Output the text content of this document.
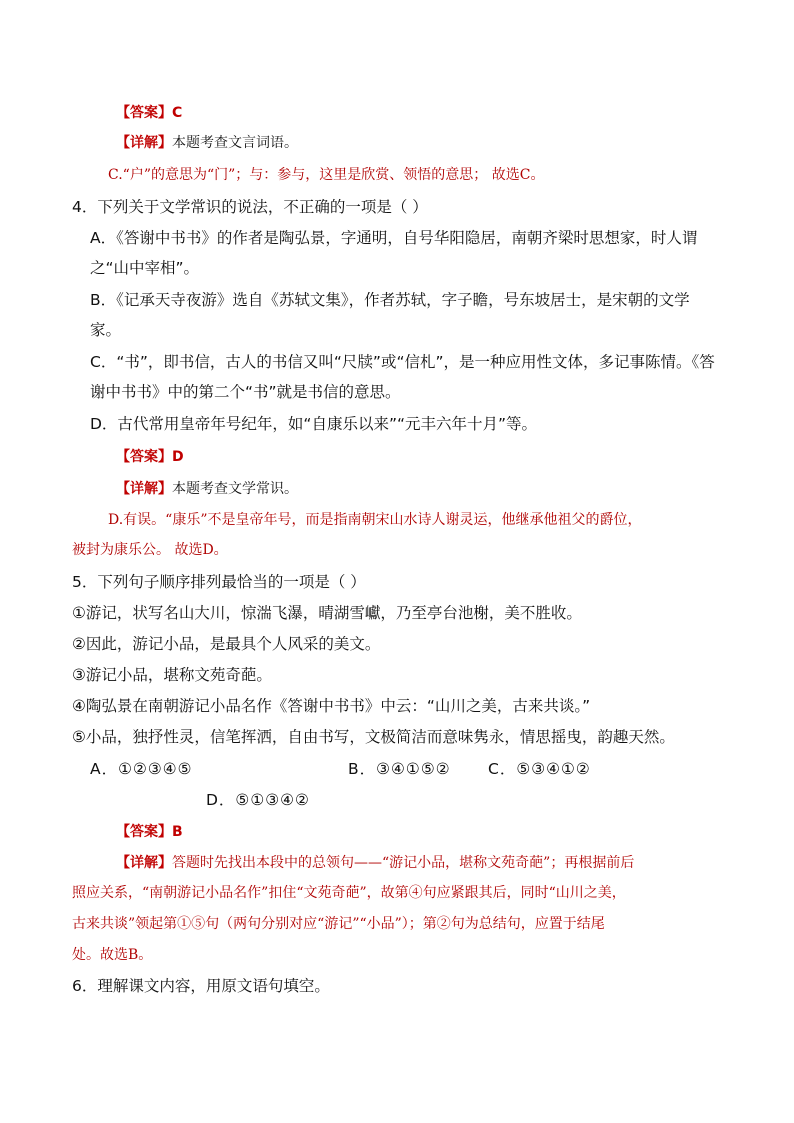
【答案】C
【详解】本题考查文言词语。
C.“户”的意思为“门”；与：参与，这里是欣赏、领悟的意思； 故选C。
4．下列关于文学常识的说法，不正确的一项是（ ）
A．《答谢中书书》的作者是陶弘景，字通明，自号华阳隐居，南朝齐梁时思想家，时人谓
之“山中宰相”。
B．《记承天寺夜游》选自《苏轼文集》，作者苏轼，字子瞻，号东坡居士，是宋朝的文学
家。
C．“书”，即书信，古人的书信又叫“尺牍”或“信札”，是一种应用性文体，多记事陈情。《答
谢中书书》中的第二个“书”就是书信的意思。
D．古代常用皇帝年号纪年，如“自康乐以来”“元丰六年十月”等。
【答案】D
【详解】本题考查文学常识。
D.有误。“康乐”不是皇帝年号，而是指南朝宋山水诗人谢灵运，他继承他祖父的爵位，
被封为康乐公。 故选D。
5．下列句子顺序排列最恰当的一项是（ ）
①游记，状写名山大川，惊湍飞瀑，晴湖雪巘，乃至亭台池榭，美不胜收。
②因此，游记小品，是最具个人风采的美文。
③游记小品，堪称文苑奇葩。
④陶弘景在南朝游记小品名作《答谢中书书》中云：“山川之美，古来共谈。”
⑤小品，独抒性灵，信笔挥洒，自由书写，文极简洁而意味隽永，情思摇曳，韵趣天然。
A．①②③④⑤	B．③④①⑤② C．⑤③④①②
D．⑤①③④②
【答案】B
【详解】答题时先找出本段中的总领句——“游记小品，堪称文苑奇葩”；再根据前后
照应关系，“南朝游记小品名作”扣住“文苑奇葩”，故第④句应紧跟其后，同时“山川之美，
古来共谈”领起第①⑤句（两句分别对应“游记”“小品”）；第②句为总结句，应置于结尾
处。故选B。
6．理解课文内容，用原文语句填空。
